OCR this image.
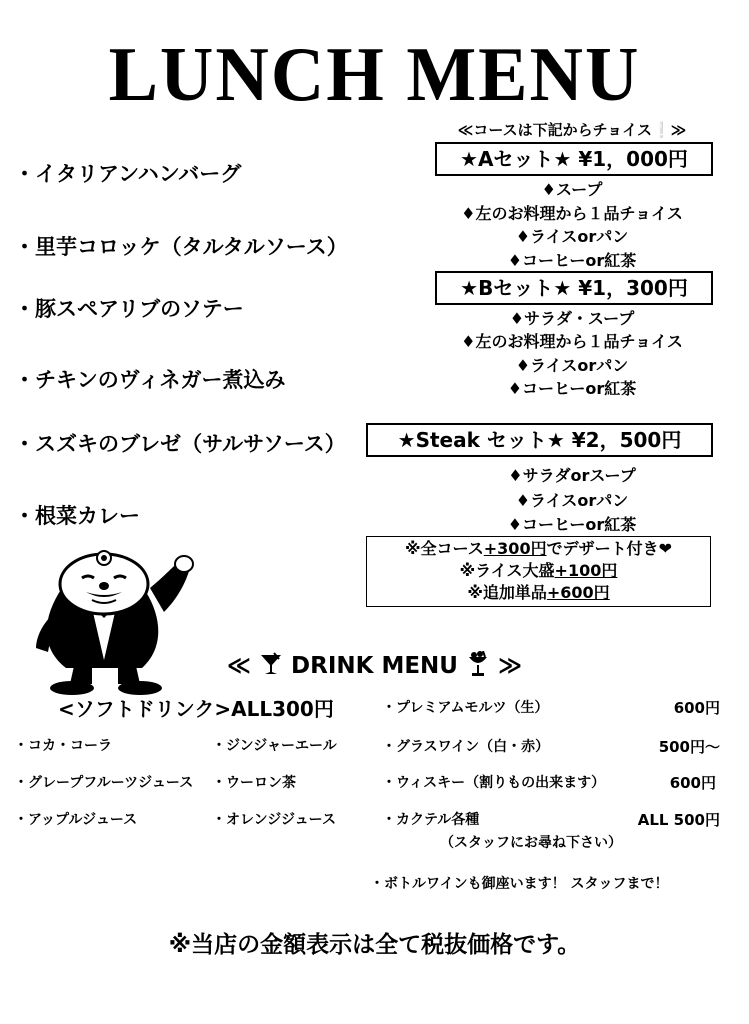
LUNCH MENU
・イタリアンハンバーグ
・里芋コロッケ（タルタルソース）
・豚スペアリブのソテー
・チキンのヴィネガー煮込み
・スズキのブレゼ（サルサソース）
・根菜カレー
≪コースは下記からチョイス❕≫
★Aセット★ ¥1，000円
♦スープ
♦左のお料理から１品チョイス
♦ライスorパン
♦コーヒーor紅茶
★Bセット★ ¥1，300円
♦サラダ・スープ
♦左のお料理から１品チョイス
♦ライスorパン
♦コーヒーor紅茶
★Steak セット★ ¥2，500円
♦サラダorスープ
♦ライスorパン
♦コーヒーor紅茶
※全コース+300円でデザート付き❤
※ライス大盛+100円
※追加単品+600円
≪ DRINK MENU ≫
<ソフトドリンク>ALL300円
・コカ・コーラ
・グレープフルーツジュース
・アップルジュース
・ジンジャーエール
・ウーロン茶
・オレンジジュース
・プレミアムモルツ（生）	600円
・グラスワイン（白・赤）	500円～
・ウィスキー（割りもの出来ます）	600円
・カクテル各種	ALL 500円
（スタッフにお尋ね下さい）
・ボトルワインも御座います！ スタッフまで！
※当店の金額表示は全て税抜価格です。
